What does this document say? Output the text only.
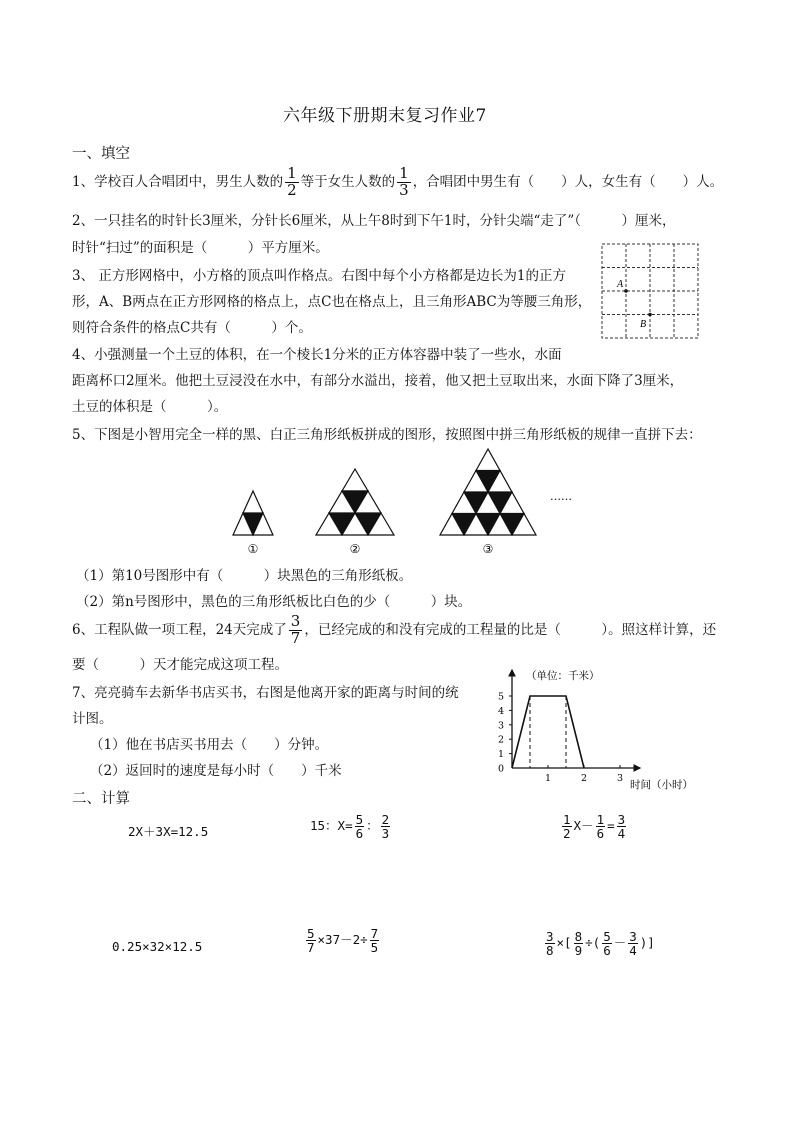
六年级下册期末复习作业7
一、填空
1、学校百人合唱团中，男生人数的 $\frac{1}{2}$ 等于女生人数的 $\frac{1}{3}$ ，合唱团中男生有（　　）人，女生有（　　）人。
2、一只挂名的时针长3厘米，分针长6厘米，从上午8时到下午1时，分针尖端“走了”（　　　）厘米，
时针“扫过”的面积是（　　　）平方厘米。
3、 正方形网格中，小方格的顶点叫作格点。右图中每个小方格都是边长为1的正方
形，A、B两点在正方形网格的格点上，点C也在格点上，且三角形ABC为等腰三角形，
则符合条件的格点C共有（　　　）个。
A
B
4、小强测量一个土豆的体积，在一个棱长1分米的正方体容器中装了一些水，水面
距离杯口2厘米。他把土豆浸没在水中，有部分水溢出，接着，他又把土豆取出来，水面下降了3厘米，
土豆的体积是（　　　）。
5、下图是小智用完全一样的黑、白正三角形纸板拼成的图形，按照图中拼三角形纸板的规律一直拼下去：
①	②	③
……
（1）第10号图形中有（　　　）块黑色的三角形纸板。
（2）第n号图形中，黑色的三角形纸板比白色的少（　　　）块。
6、工程队做一项工程，24天完成了 $\frac{3}{7}$ ，已经完成的和没有完成的工程量的比是（　　　）。照这样计算，还
要（　　　）天才能完成这项工程。
7、亮亮骑车去新华书店买书，右图是他离开家的距离与时间的统
计图。
（1）他在书店买书用去（　　）分钟。
（2）返回时的速度是每小时（　　）千米
（单位：千米）
时间（小时）
0
1
2
3
4
5
1	2	3
二、计算
2X＋3X=12.5	15：$X= \frac{5}{6}$ ： $\frac{2}{3}$	$\frac{1}{2} X- \frac{1}{6} = \frac{3}{4}$
0.25×32×12.5	$\frac{5}{7} \times 37-2\div \frac{7}{5}$	$\frac{3}{8}$ ×[ $\frac{8}{9}$ ÷( $\frac{5}{6} - \frac{3}{4}$ )]
